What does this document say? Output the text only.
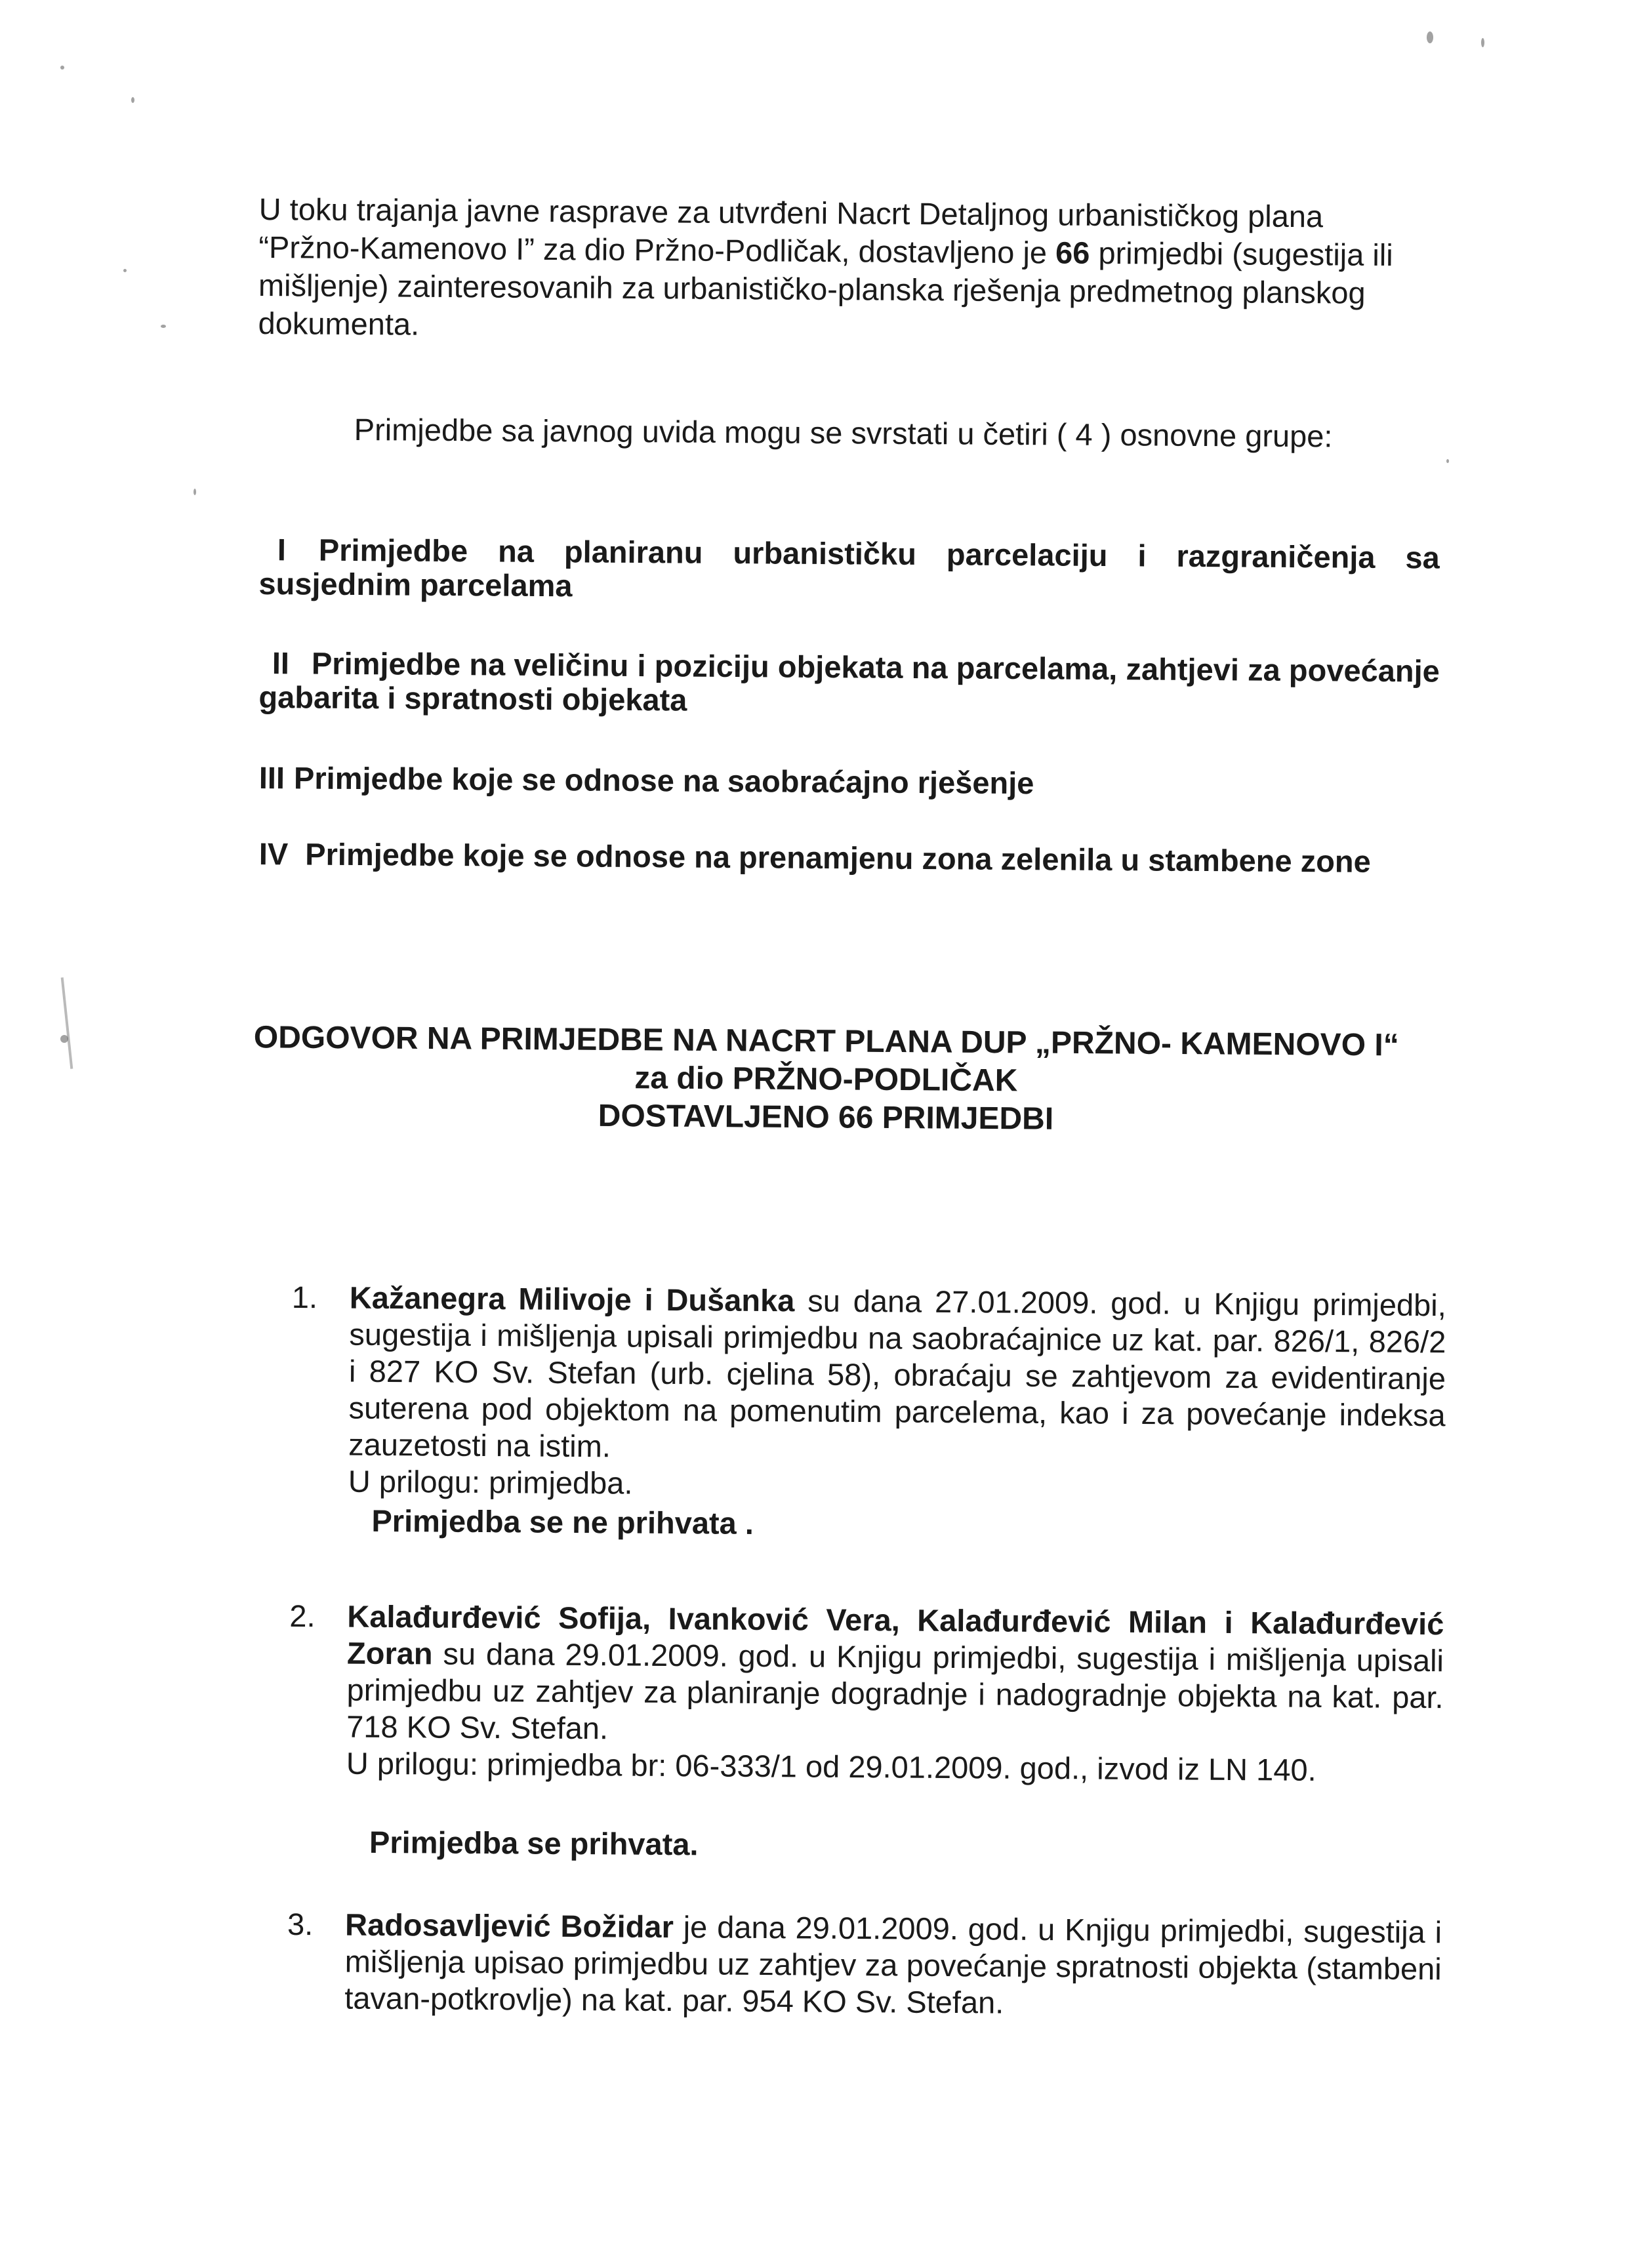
U toku trajanja javne rasprave za utvrđeni Nacrt Detaljnog urbanističkog plana “Pržno-Kamenovo I” za dio Pržno-Podličak, dostavljeno je 66 primjedbi (sugestija ili mišljenje) zainteresovanih za urbanističko-planska rješenja predmetnog planskog dokumenta.
Primjedbe sa javnog uvida mogu se svrstati u četiri ( 4 ) osnovne grupe:
I Primjedbe na planiranu urbanističku parcelaciju i razgraničenja sa susjednim parcelama
II Primjedbe na veličinu i poziciju objekata na parcelama, zahtjevi za povećanje gabarita i spratnosti objekata
III Primjedbe koje se odnose na saobraćajno rješenje
IV Primjedbe koje se odnose na prenamjenu zona zelenila u stambene zone
ODGOVOR NA PRIMJEDBE NA NACRT PLANA DUP „PRŽNO- KAMENOVO I“
za dio PRŽNO-PODLIČAK
DOSTAVLJENO 66 PRIMJEDBI
1. Kažanegra Milivoje i Dušanka su dana 27.01.2009. god. u Knjigu primjedbi, sugestija i mišljenja upisali primjedbu na saobraćajnice uz kat. par. 826/1, 826/2 i 827 KO Sv. Stefan (urb. cjelina 58), obraćaju se zahtjevom za evidentiranje suterena pod objektom na pomenutim parcelema, kao i za povećanje indeksa zauzetosti na istim.
U prilogu: primjedba.
Primjedba se ne prihvata .
2. Kalađurđević Sofija, Ivanković Vera, Kalađurđević Milan i Kalađurđević Zoran su dana 29.01.2009. god. u Knjigu primjedbi, sugestija i mišljenja upisali primjedbu uz zahtjev za planiranje dogradnje i nadogradnje objekta na kat. par. 718 KO Sv. Stefan.
U prilogu: primjedba br: 06-333/1 od 29.01.2009. god., izvod iz LN 140.
Primjedba se prihvata.
3. Radosavljević Božidar je dana 29.01.2009. god. u Knjigu primjedbi, sugestija i mišljenja upisao primjedbu uz zahtjev za povećanje spratnosti objekta (stambeni tavan-potkrovlje) na kat. par. 954 KO Sv. Stefan.
